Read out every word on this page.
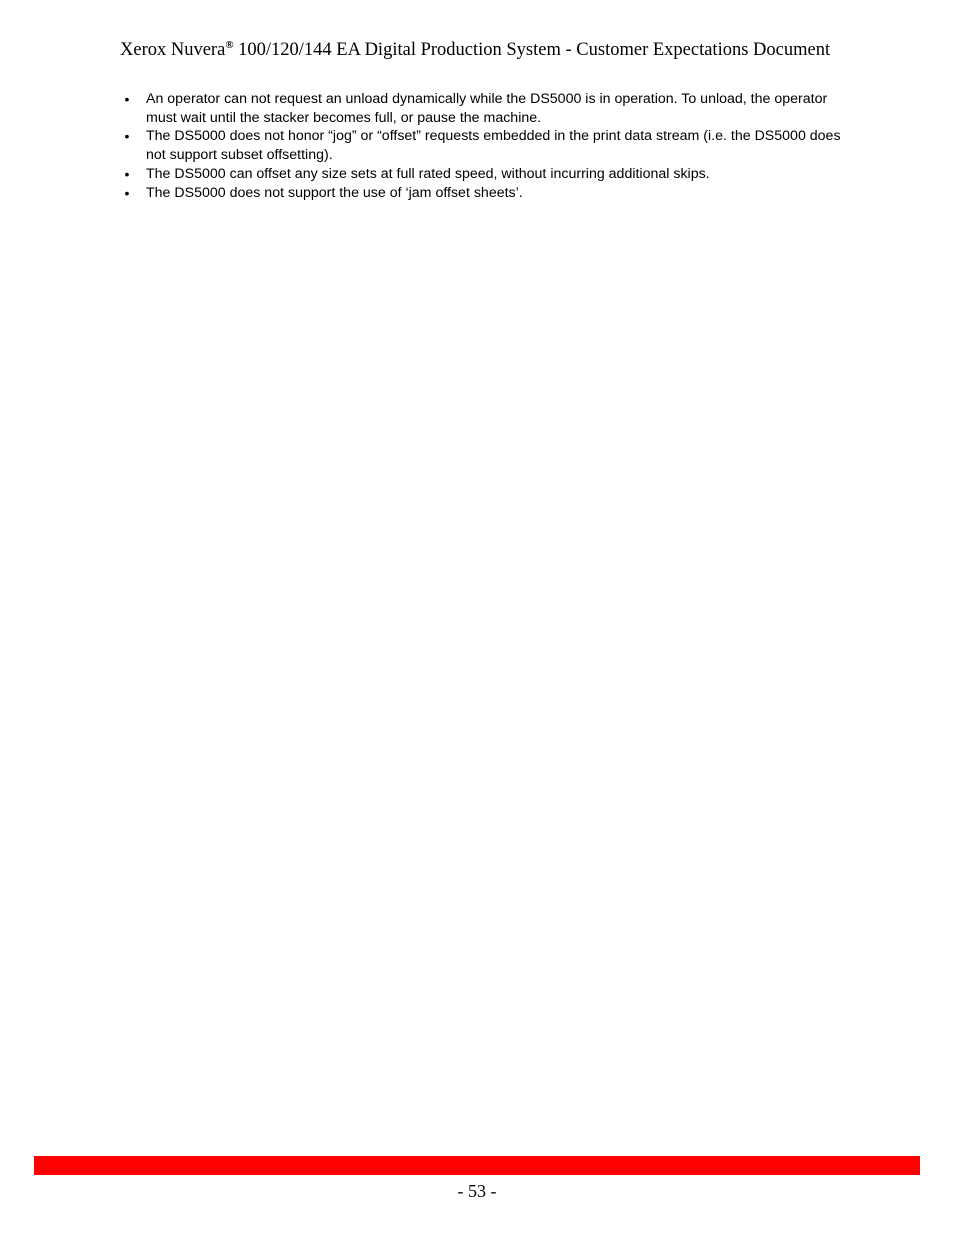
Xerox Nuvera® 100/120/144 EA Digital Production System - Customer Expectations Document
•	An operator can not request an unload dynamically while the DS5000 is in operation. To unload, the operator must wait until the stacker becomes full, or pause the machine.
•	The DS5000 does not honor “jog” or “offset” requests embedded in the print data stream (i.e. the DS5000 does not support subset offsetting).
•	The DS5000 can offset any size sets at full rated speed, without incurring additional skips.
•	The DS5000 does not support the use of ‘jam offset sheets’.
- 53 -
